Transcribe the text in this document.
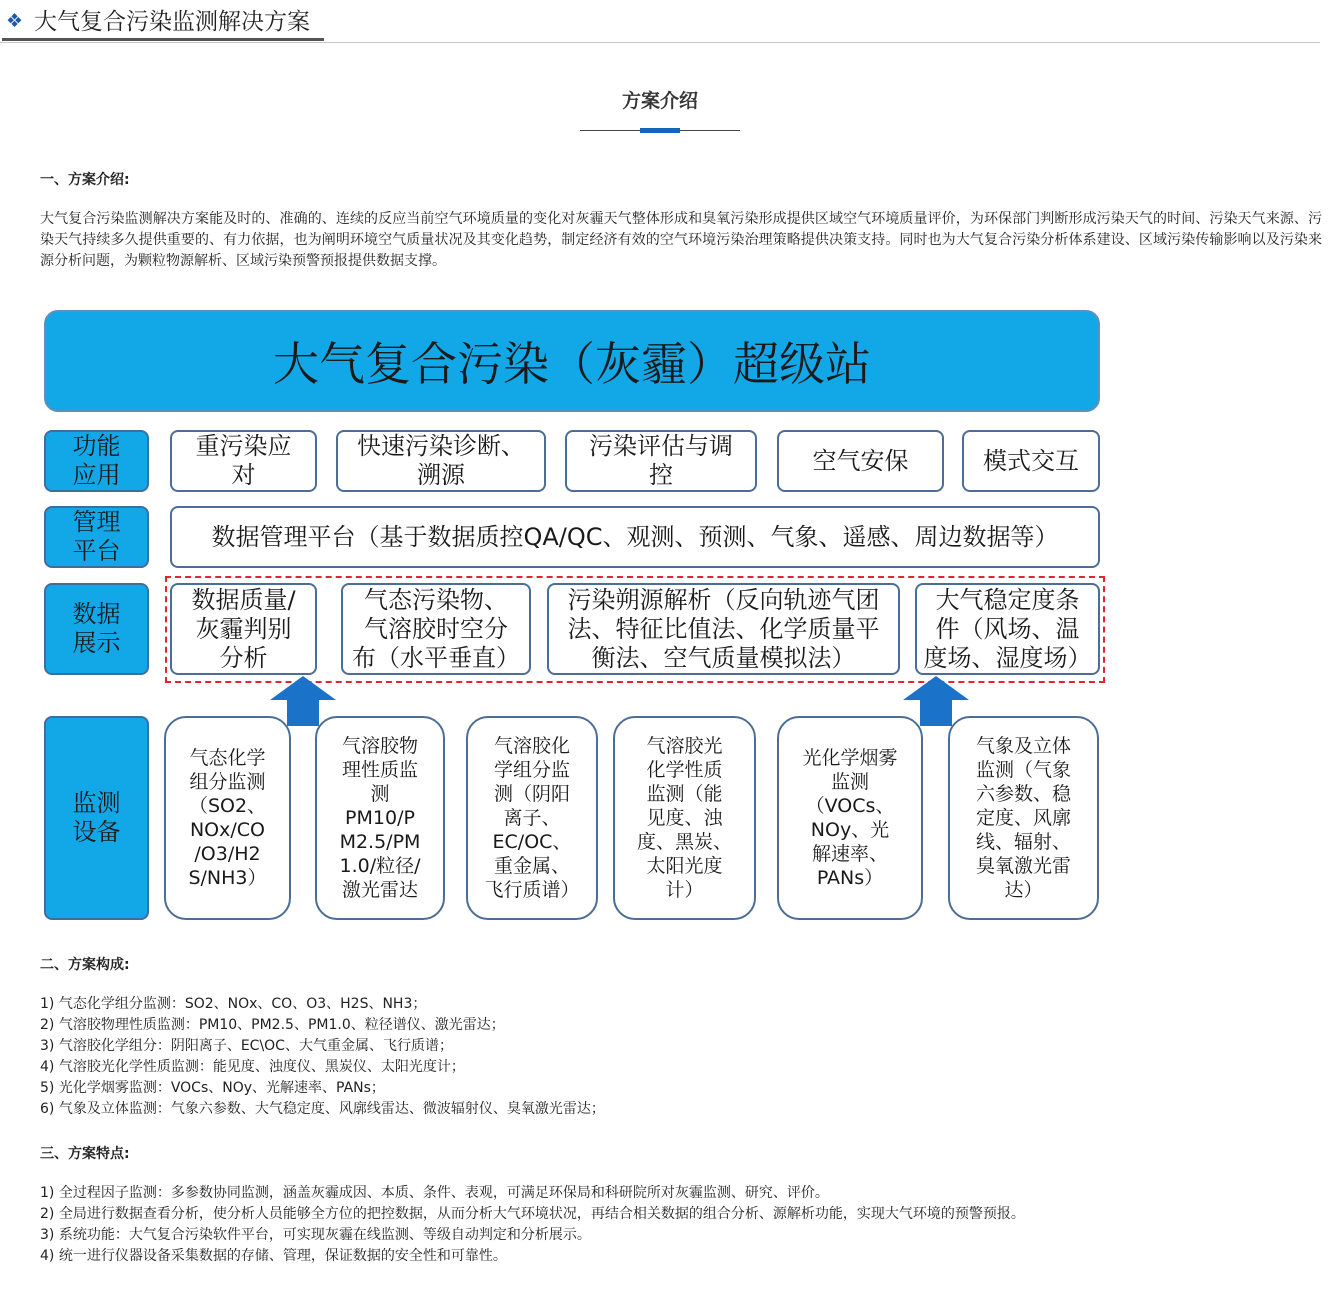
❖ 大气复合污染监测解决方案
方案介绍
一、方案介绍:
大气复合污染监测解决方案能及时的、准确的、连续的反应当前空气环境质量的变化对灰霾天气整体形成和臭氧污染形成提供区域空气环境质量评价，为环保部门判断形成污染天气的时间、污染天气来源、污染天气持续多久提供重要的、有力依据，也为阐明环境空气质量状况及其变化趋势，制定经济有效的空气环境污染治理策略提供决策支持。同时也为大气复合污染分析体系建设、区域污染传输影响以及污染来源分析问题，为颗粒物源解析、区域污染预警预报提供数据支撑。
大气复合污染（灰霾）超级站
功能
应用
重污染应
对
快速污染诊断、
溯源
污染评估与调
控
空气安保	模式交互
管理
平台
数据管理平台（基于数据质控QA/QC、观测、预测、气象、遥感、周边数据等）
数据
展示
数据质量/
灰霾判别
分析
气态污染物、
气溶胶时空分
布（水平垂直）
污染朔源解析（反向轨迹气团
法、特征比值法、化学质量平
衡法、空气质量模拟法）
大气稳定度条
件（风场、温
度场、湿度场）
监测
设备
气态化学
组分监测
（SO2、
NOx/CO
/O3/H2
S/NH3）
气溶胶物
理性质监
测
PM10/P
M2.5/PM
1.0/粒径/
激光雷达
气溶胶化
学组分监
测（阴阳
离子、
EC/OC、
重金属、
飞行质谱）
气溶胶光
化学性质
监测（能
见度、浊
度、黑炭、
太阳光度
计）
光化学烟雾
监测
（VOCs、
NOy、光
解速率、
PANs）
气象及立体
监测（气象
六参数、稳
定度、风廓
线、辐射、
臭氧激光雷
达）
二、方案构成:
1) 气态化学组分监测：SO2、NOx、CO、O3、H2S、NH3；
2) 气溶胶物理性质监测：PM10、PM2.5、PM1.0、粒径谱仪、激光雷达；
3) 气溶胶化学组分：阴阳离子、EC\OC、大气重金属、飞行质谱；
4) 气溶胶光化学性质监测：能见度、浊度仪、黑炭仪、太阳光度计；
5) 光化学烟雾监测：VOCs、NOy、光解速率、PANs；
6) 气象及立体监测：气象六参数、大气稳定度、风廓线雷达、微波辐射仪、臭氧激光雷达；
三、方案特点:
1) 全过程因子监测：多参数协同监测，涵盖灰霾成因、本质、条件、表观，可满足环保局和科研院所对灰霾监测、研究、评价。
2) 全局进行数据查看分析，使分析人员能够全方位的把控数据，从而分析大气环境状况，再结合相关数据的组合分析、源解析功能，实现大气环境的预警预报。
3) 系统功能：大气复合污染软件平台，可实现灰霾在线监测、等级自动判定和分析展示。
4) 统一进行仪器设备采集数据的存储、管理，保证数据的安全性和可靠性。
